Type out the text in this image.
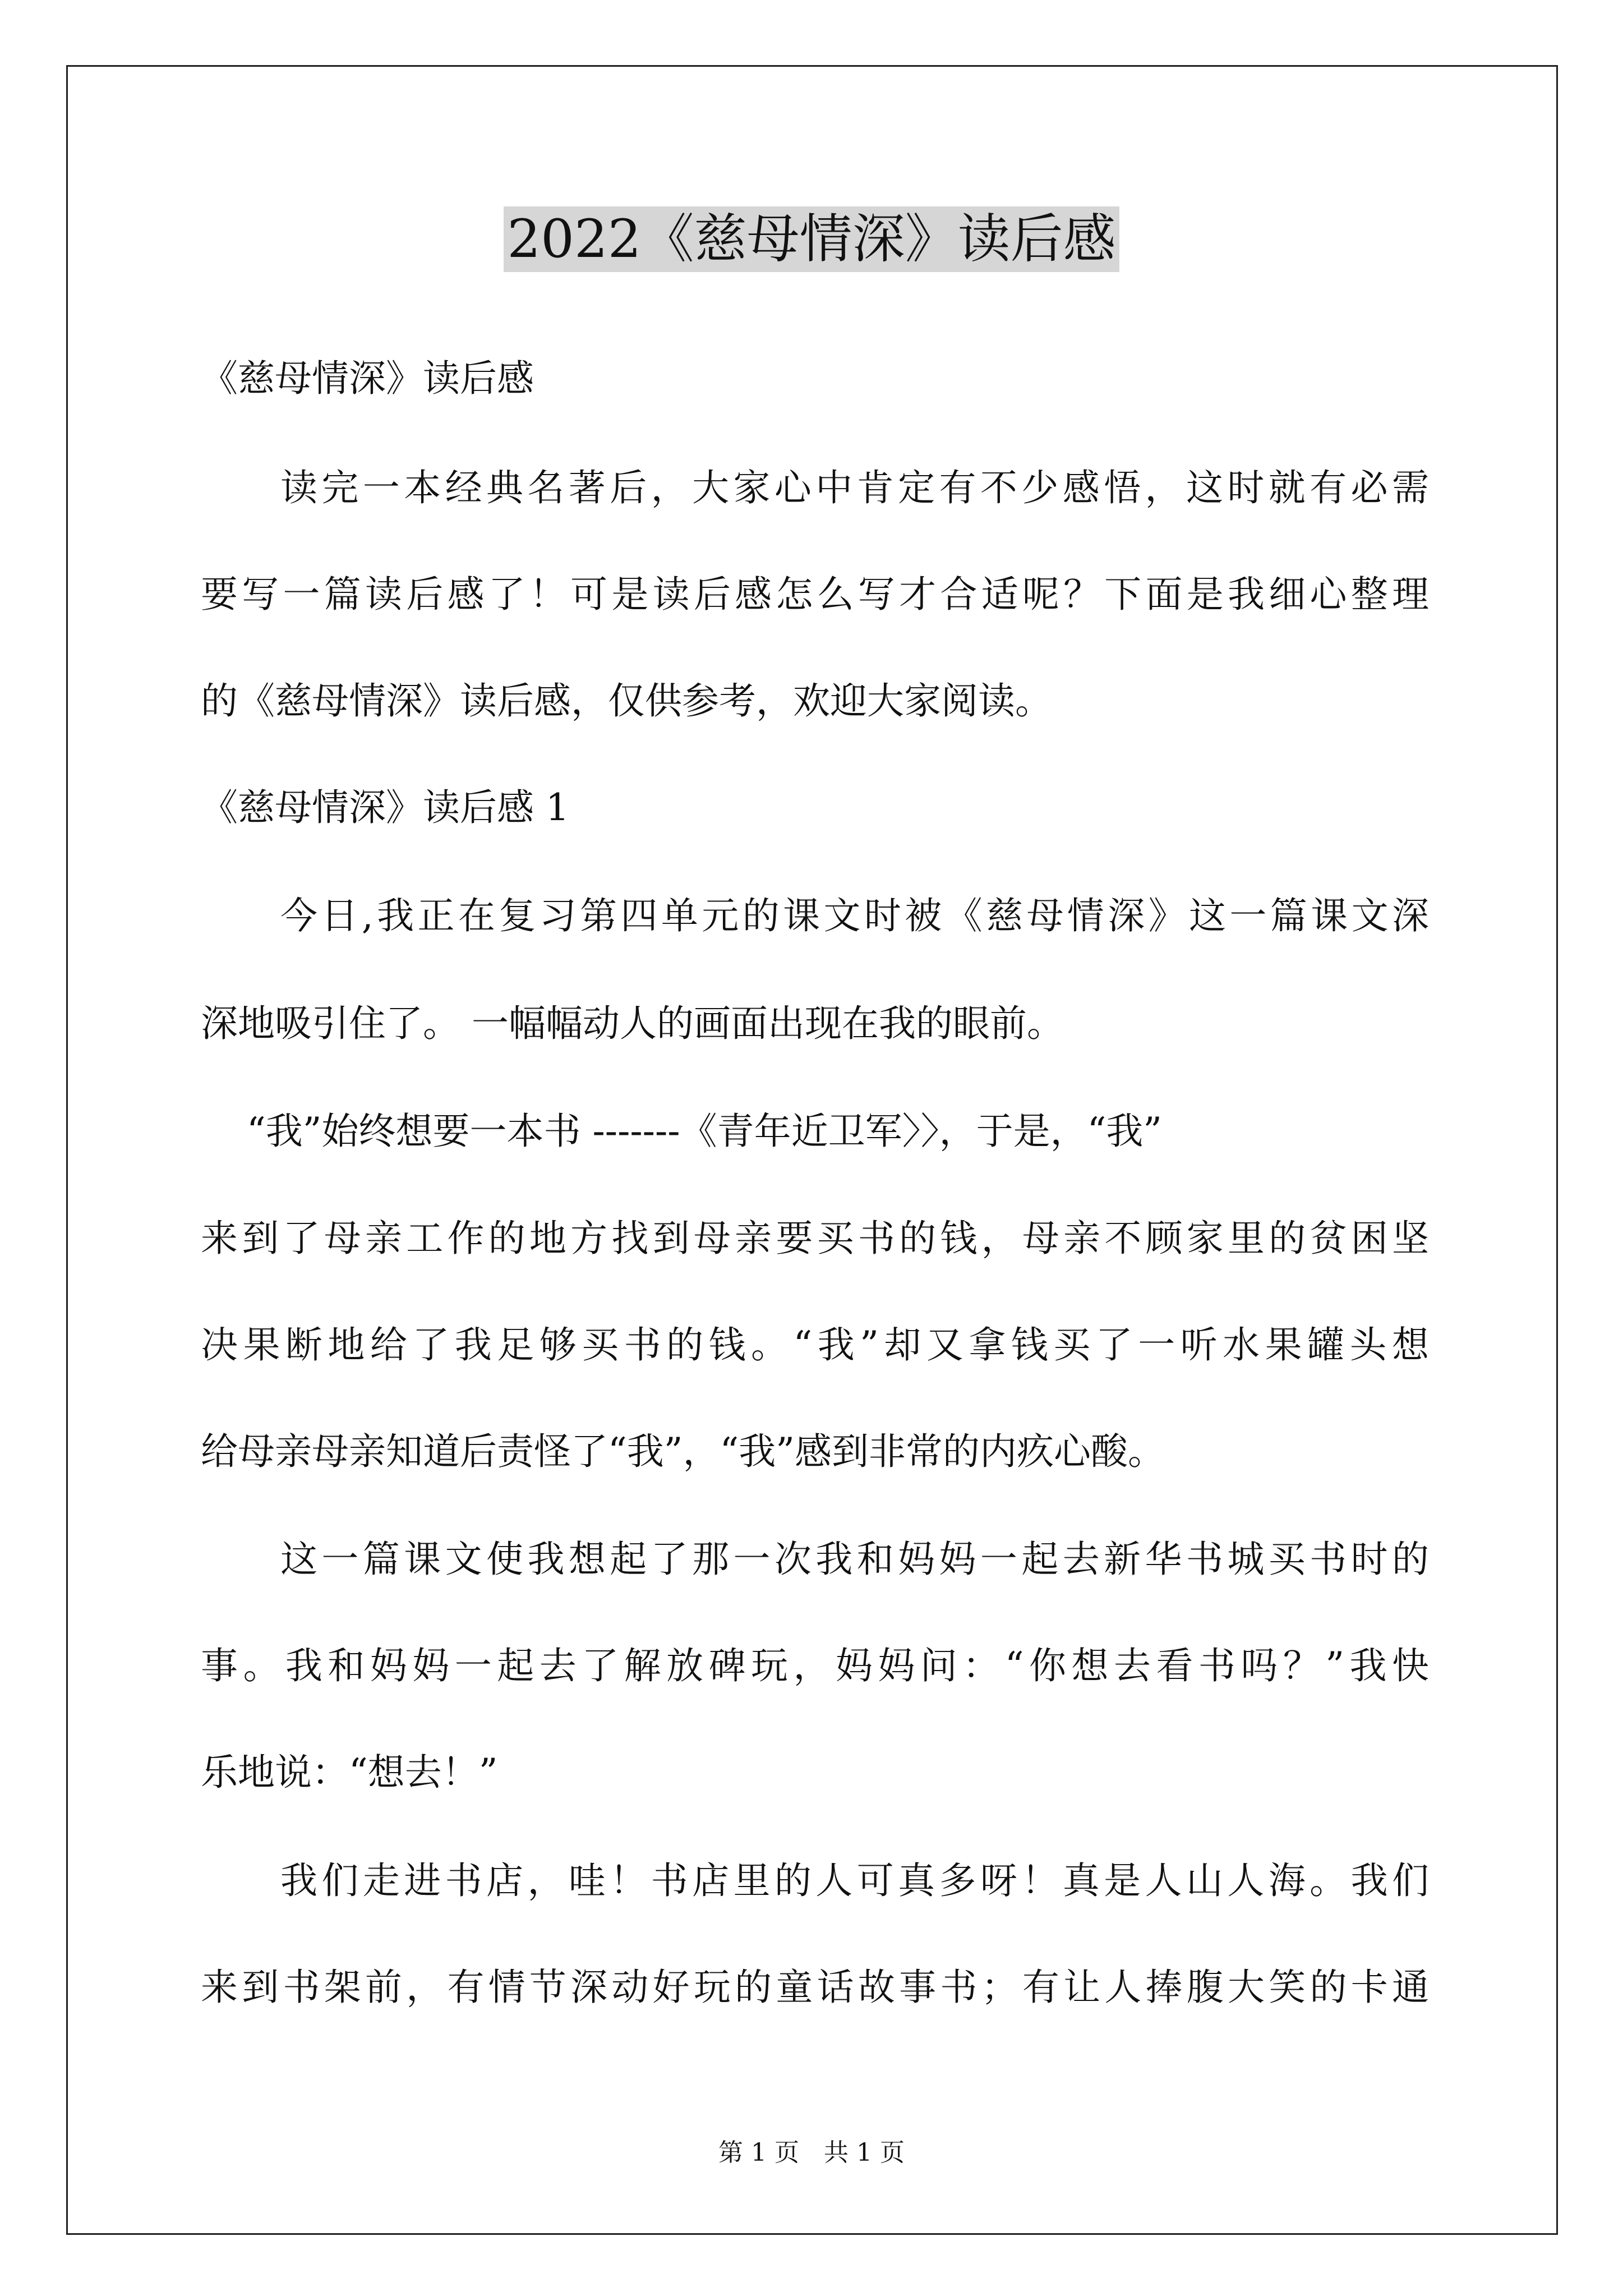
2022《慈母情深》读后感
《慈母情深》读后感
读完一本经典名著后，大家心中肯定有不少感悟，这时就有必需
要写一篇读后感了！可是读后感怎么写才合适呢？下面是我细心整理
的《慈母情深》读后感，仅供参考，欢迎大家阅读。
《慈母情深》读后感 1
今日,我正在复习第四单元的课文时被《慈母情深》这一篇课文深
深地吸引住了。 一幅幅动人的画面出现在我的眼前。
“我”始终想要一本书 -------《青年近卫军〉〉，于是，“我”
来到了母亲工作的地方找到母亲要买书的钱，母亲不顾家里的贫困坚
决果断地给了我足够买书的钱。“我”却又拿钱买了一听水果罐头想
给母亲母亲知道后责怪了“我”，“我”感到非常的内疚心酸。
这一篇课文使我想起了那一次我和妈妈一起去新华书城买书时的
事。我和妈妈一起去了解放碑玩，妈妈问：“你想去看书吗？”我快
乐地说：“想去！”
我们走进书店，哇！书店里的人可真多呀！真是人山人海。我们
来到书架前，有情节深动好玩的童话故事书；有让人捧腹大笑的卡通
第 1 页　共 1 页
